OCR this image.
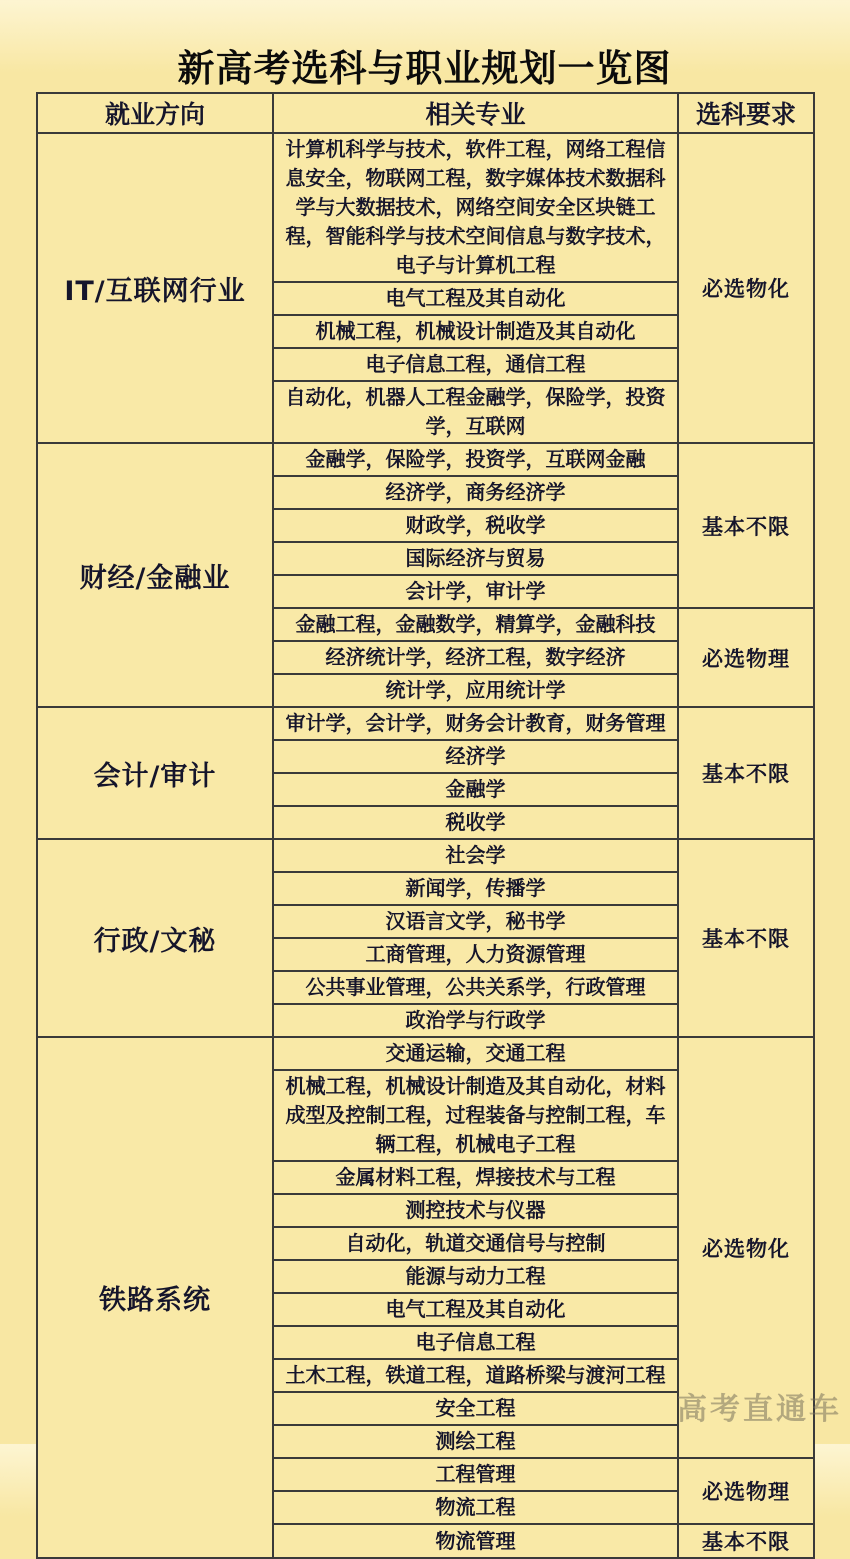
新高考选科与职业规划一览图
就业方向	相关专业	选科要求
IT/互联网行业	计算机科学与技术，软件工程，网络工程信息安全，物联网工程，数字媒体技术数据科学与大数据技术，网络空间安全区块链工程，智能科学与技术空间信息与数字技术，电子与计算机工程	必选物化
	电气工程及其自动化	
	机械工程，机械设计制造及其自动化	
	电子信息工程，通信工程	
	自动化，机器人工程金融学，保险学，投资学，互联网	
财经/金融业	金融学，保险学，投资学，互联网金融	基本不限
	经济学，商务经济学	
	财政学，税收学	
	国际经济与贸易	
	会计学，审计学	
	金融工程，金融数学，精算学，金融科技	必选物理
	经济统计学，经济工程，数字经济	
	统计学，应用统计学	
会计/审计	审计学，会计学，财务会计教育，财务管理	基本不限
	经济学	
	金融学	
	税收学	
行政/文秘	社会学	基本不限
	新闻学，传播学	
	汉语言文学，秘书学	
	工商管理，人力资源管理	
	公共事业管理，公共关系学，行政管理	
	政治学与行政学	
铁路系统	交通运输，交通工程	必选物化
	机械工程，机械设计制造及其自动化，材料成型及控制工程，过程装备与控制工程，车辆工程，机械电子工程	
	金属材料工程，焊接技术与工程	
	测控技术与仪器	
	自动化，轨道交通信号与控制	
	能源与动力工程	
	电气工程及其自动化	
	电子信息工程	
	土木工程，铁道工程，道路桥梁与渡河工程	
	安全工程	
	测绘工程	
	工程管理	必选物理
	物流工程	
	物流管理	基本不限
高考直通车
